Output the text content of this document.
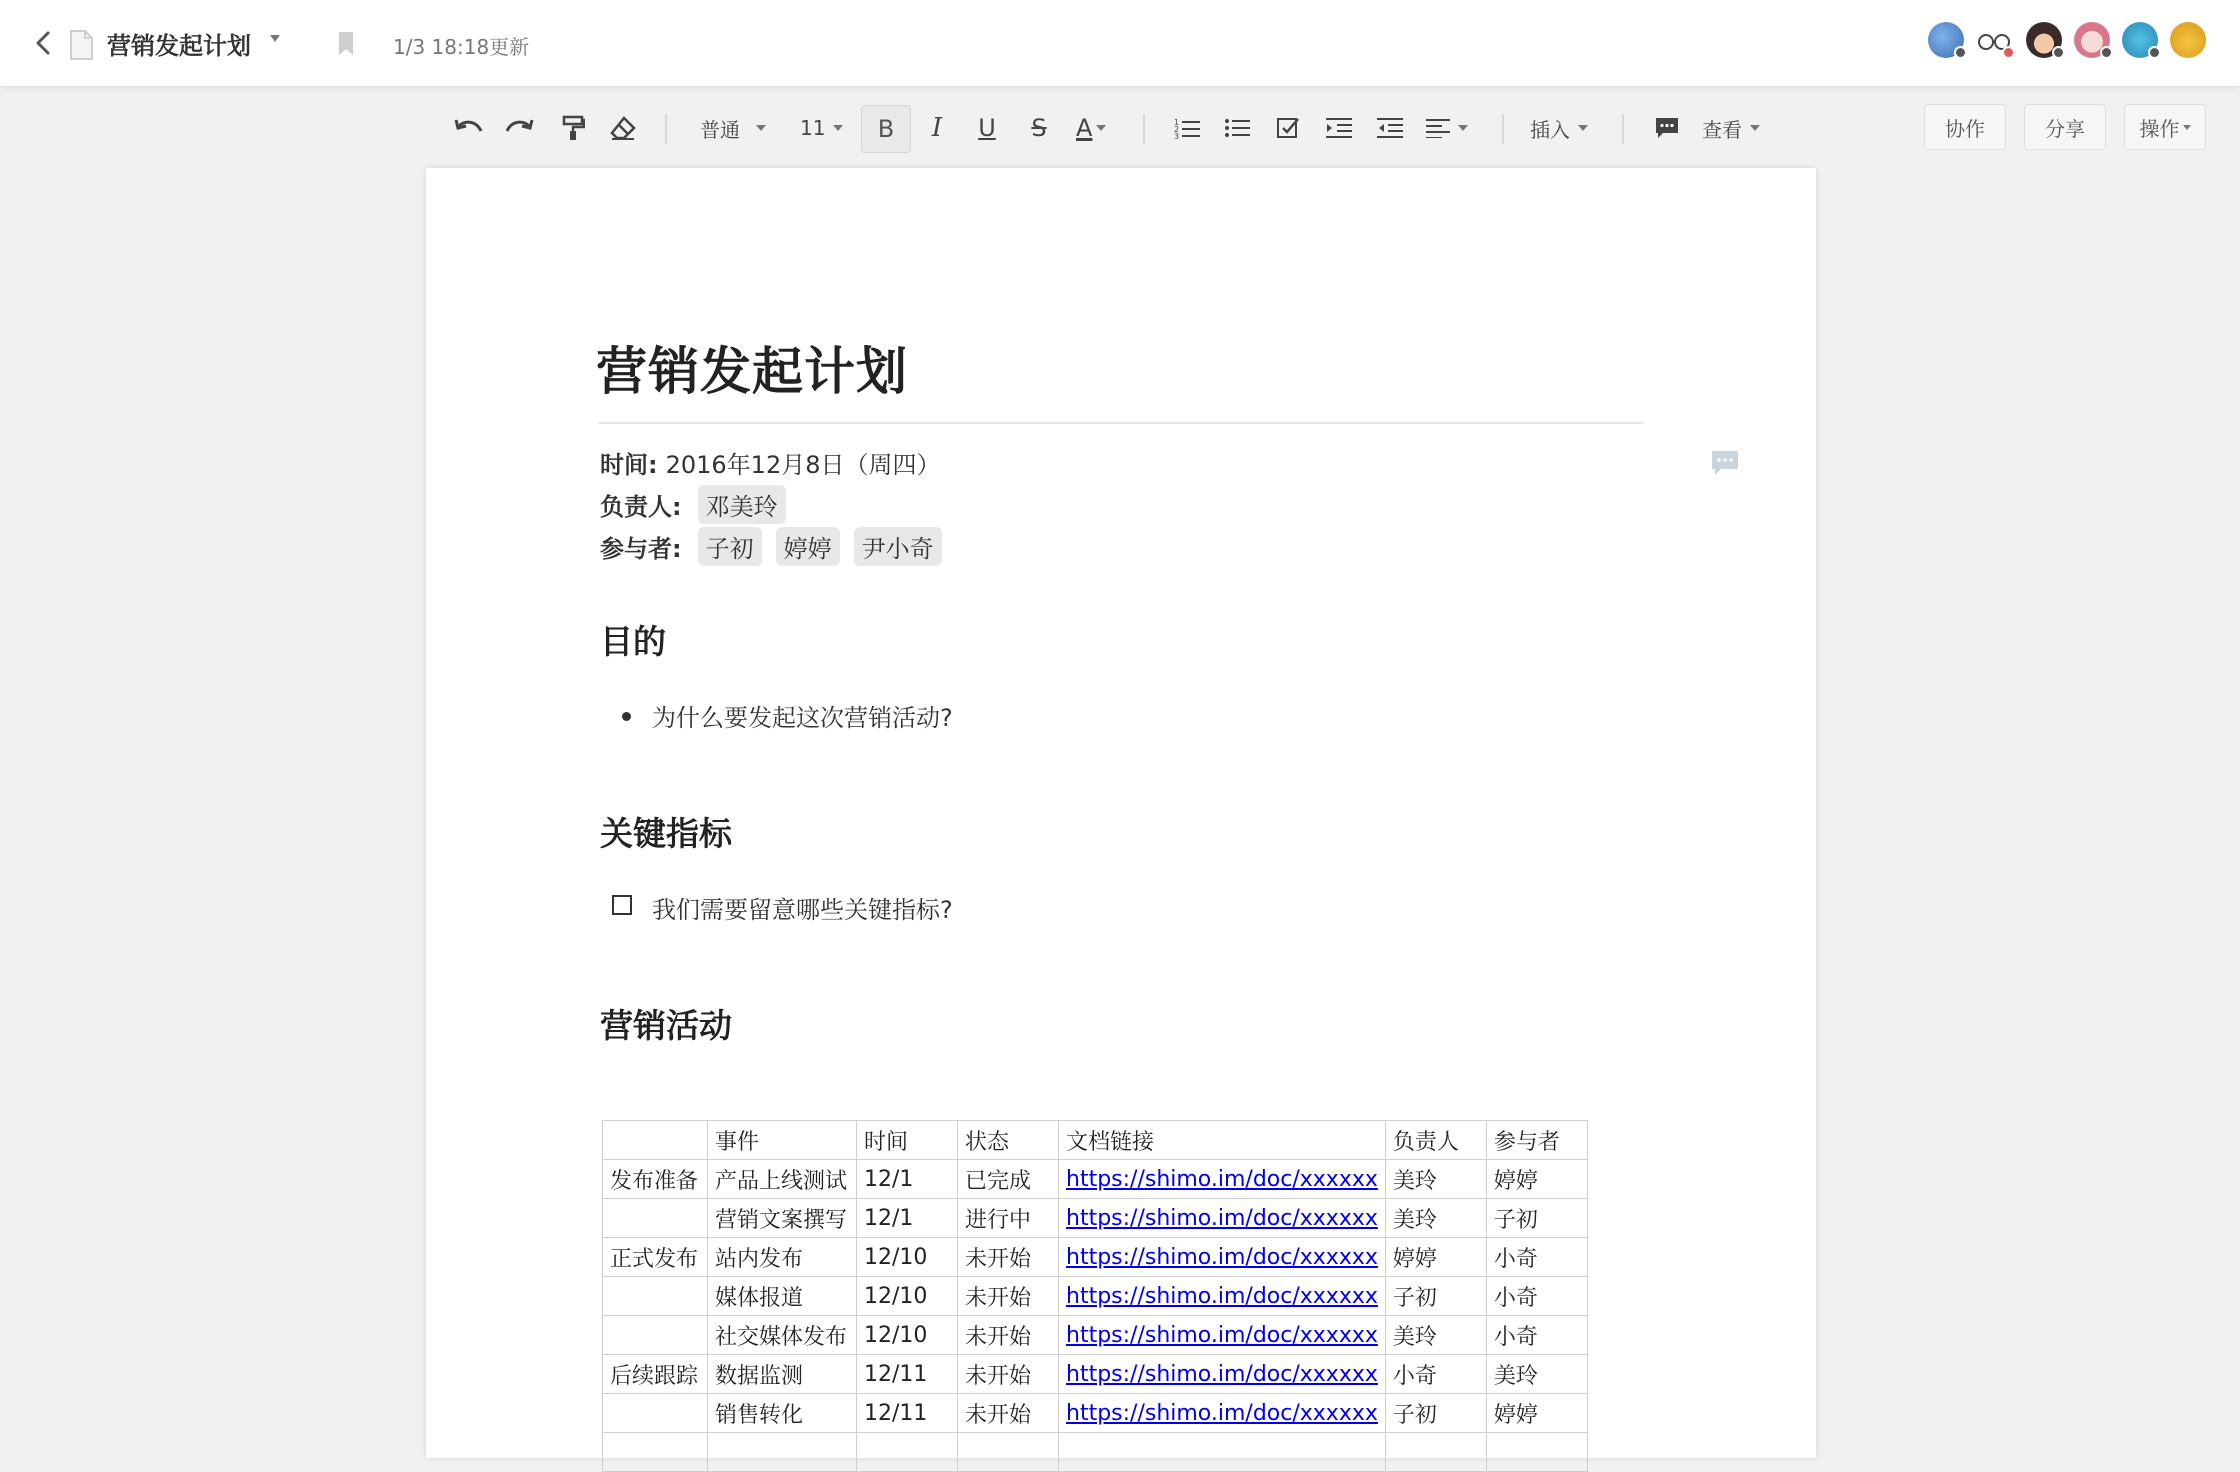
营销发起计划	1/3 18:18更新
普通	11	B	I	U	S	A	1
2
3	插入	查看	协作	分享	操作
营销发起计划
时间: 2016年12月8日（周四）
负责人:	邓美玲
参与者:	子初	婷婷	尹小奇
目的
为什么要发起这次营销活动?
关键指标
我们需要留意哪些关键指标?
营销活动
	事件	时间	状态	文档链接	负责人	参与者
发布准备	产品上线测试	12/1	已完成	https://shimo.im/doc/xxxxxx	美玲	婷婷
	营销文案撰写	12/1	进行中	https://shimo.im/doc/xxxxxx	美玲	子初
正式发布	站内发布	12/10	未开始	https://shimo.im/doc/xxxxxx	婷婷	小奇
	媒体报道	12/10	未开始	https://shimo.im/doc/xxxxxx	子初	小奇
	社交媒体发布	12/10	未开始	https://shimo.im/doc/xxxxxx	美玲	小奇
后续跟踪	数据监测	12/11	未开始	https://shimo.im/doc/xxxxxx	小奇	美玲
	销售转化	12/11	未开始	https://shimo.im/doc/xxxxxx	子初	婷婷
